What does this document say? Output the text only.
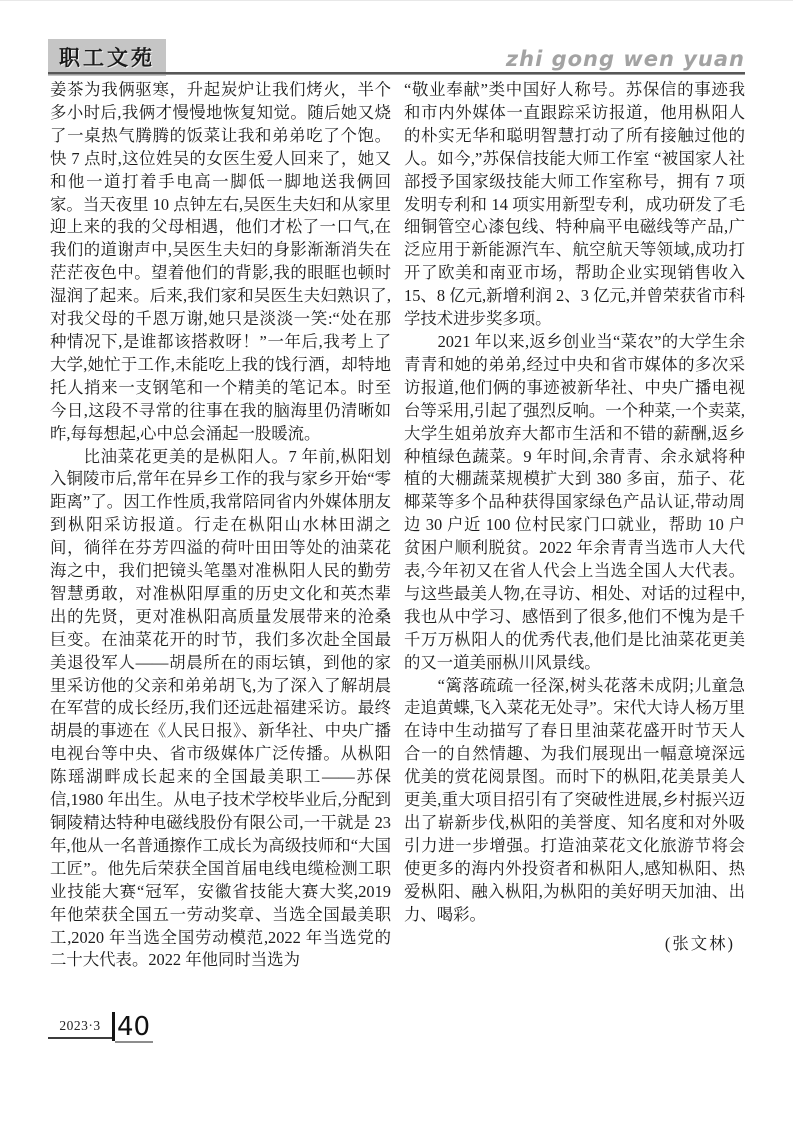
职工文苑	zhi gong wen yuan

姜茶为我俩驱寒，升起炭炉让我们烤火，半个多小时后,我俩才慢慢地恢复知觉。随后她又烧了一桌热气腾腾的饭菜让我和弟弟吃了个饱。快 7 点时,这位姓吴的女医生爱人回来了，她又和他一道打着手电高一脚低一脚地送我俩回家。当天夜里 10 点钟左右,吴医生夫妇和从家里迎上来的我的父母相遇，他们才松了一口气,在我们的道谢声中,吴医生夫妇的身影渐渐消失在茫茫夜色中。望着他们的背影,我的眼眶也顿时湿润了起来。后来,我们家和吴医生夫妇熟识了,对我父母的千恩万谢,她只是淡淡一笑:“处在那种情况下,是谁都该搭救呀！”一年后,我考上了大学,她忙于工作,未能吃上我的饯行酒，却特地托人捎来一支钢笔和一个精美的笔记本。时至今日,这段不寻常的往事在我的脑海里仍清晰如昨,每每想起,心中总会涌起一股暖流。

比油菜花更美的是枞阳人。7 年前,枞阳划入铜陵市后,常年在异乡工作的我与家乡开始“零距离”了。因工作性质,我常陪同省内外媒体朋友到枞阳采访报道。行走在枞阳山水林田湖之间，徜徉在芬芳四溢的荷叶田田等处的油菜花海之中，我们把镜头笔墨对准枞阳人民的勤劳智慧勇敢，对准枞阳厚重的历史文化和英杰辈出的先贤，更对准枞阳高质量发展带来的沧桑巨变。在油菜花开的时节，我们多次赴全国最美退役军人——胡晨所在的雨坛镇，到他的家里采访他的父亲和弟弟胡飞,为了深入了解胡晨在军营的成长经历,我们还远赴福建采访。最终胡晨的事迹在《人民日报》、新华社、中央广播电视台等中央、省市级媒体广泛传播。从枞阳陈瑶湖畔成长起来的全国最美职工——苏保信,1980 年出生。从电子技术学校毕业后,分配到铜陵精达特种电磁线股份有限公司,一干就是 23 年,他从一名普通擦作工成长为高级技师和“大国工匠”。他先后荣获全国首届电线电缆检测工职业技能大赛“冠军，安徽省技能大赛大奖,2019 年他荣获全国五一劳动奖章、当选全国最美职工,2020 年当选全国劳动模范,2022 年当选党的二十大代表。2022 年他同时当选为

“敬业奉献”类中国好人称号。苏保信的事迹我和市内外媒体一直跟踪采访报道，他用枞阳人的朴实无华和聪明智慧打动了所有接触过他的人。如今,”苏保信技能大师工作室 “被国家人社部授予国家级技能大师工作室称号，拥有 7 项发明专利和 14 项实用新型专利，成功研发了毛细铜管空心漆包线、特种扁平电磁线等产品,广泛应用于新能源汽车、航空航天等领域,成功打开了欧美和南亚市场，帮助企业实现销售收入 15、8 亿元,新增利润 2、3 亿元,并曾荣获省市科学技术进步奖多项。

2021 年以来,返乡创业当“菜农”的大学生余青青和她的弟弟,经过中央和省市媒体的多次采访报道,他们俩的事迹被新华社、中央广播电视台等采用,引起了强烈反响。一个种菜,一个卖菜,大学生姐弟放弃大都市生活和不错的薪酬,返乡种植绿色蔬菜。9 年时间,余青青、余永斌将种植的大棚蔬菜规模扩大到 380 多亩，茄子、花椰菜等多个品种获得国家绿色产品认证,带动周边 30 户近 100 位村民家门口就业，帮助 10 户贫困户顺利脱贫。2022 年余青青当选市人大代表,今年初又在省人代会上当选全国人大代表。与这些最美人物,在寻访、相处、对话的过程中,我也从中学习、感悟到了很多,他们不愧为是千千万万枞阳人的优秀代表,他们是比油菜花更美的又一道美丽枞川风景线。

“篱落疏疏一径深,树头花落未成阴;儿童急走追黄蝶,飞入菜花无处寻”。宋代大诗人杨万里在诗中生动描写了春日里油菜花盛开时节天人合一的自然情趣、为我们展现出一幅意境深远优美的赏花阅景图。而时下的枞阳,花美景美人更美,重大项目招引有了突破性进展,乡村振兴迈出了崭新步伐,枞阳的美誉度、知名度和对外吸引力进一步增强。打造油菜花文化旅游节将会使更多的海内外投资者和枞阳人,感知枞阳、热爱枞阳、融入枞阳,为枞阳的美好明天加油、出力、喝彩。

(张文林)
2023·3 40
